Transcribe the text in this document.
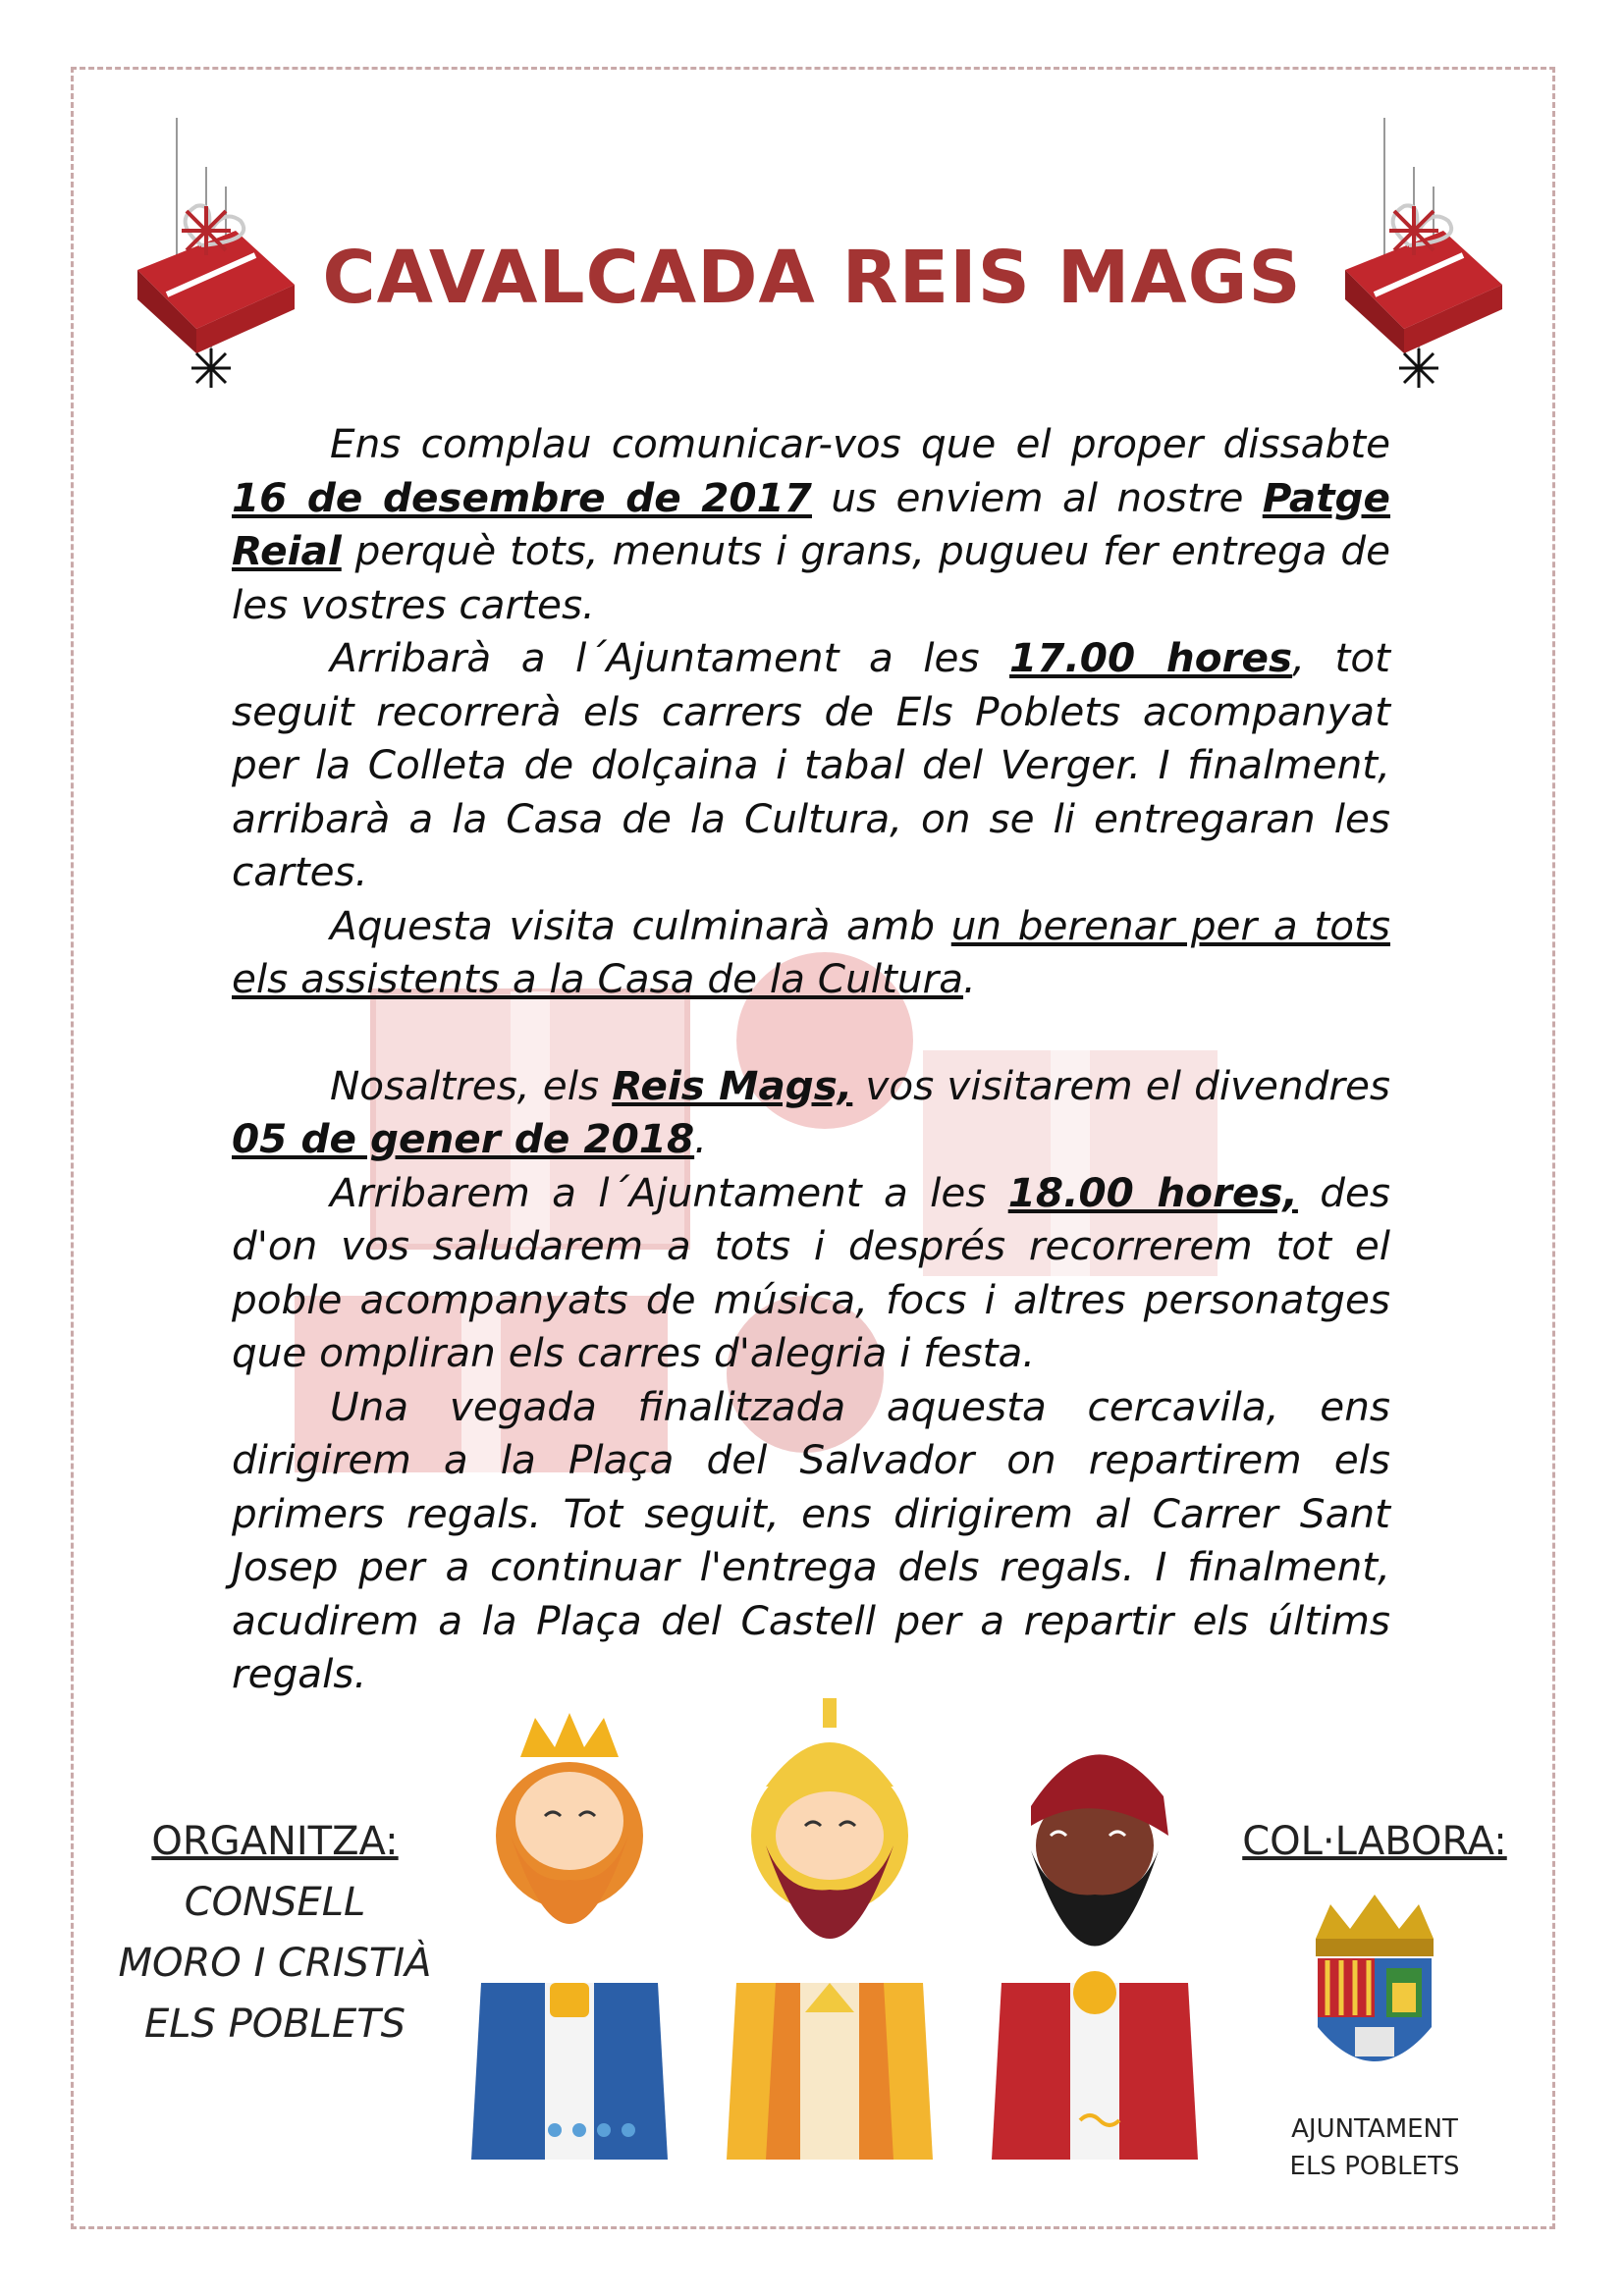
CAVALCADA REIS MAGS

Ens complau comunicar-vos que el proper dissabte 16 de desembre de 2017 us enviem al nostre Patge Reial perquè tots, menuts i grans, pugueu fer entrega de les vostres cartes.

Arribarà a l´Ajuntament a les 17.00 hores, tot seguit recorrerà els carrers de Els Poblets acompanyat per la Colleta de dolçaina i tabal del Verger. I finalment, arribarà a la Casa de la Cultura, on se li entregaran les cartes.

Aquesta visita culminarà amb un berenar per a tots els assistents a la Casa de la Cultura.

Nosaltres, els Reis Mags, vos visitarem el divendres 05 de gener de 2018.

Arribarem a l´Ajuntament a les 18.00 hores, des d'on vos saludarem a tots i després recorrerem tot el poble acompanyats de música, focs i altres personatges que ompliran els carres d'alegria i festa.

Una vegada finalitzada aquesta cercavila, ens dirigirem a la Plaça del Salvador on repartirem els primers regals. Tot seguit, ens dirigirem al Carrer Sant Josep per a continuar l'entrega dels regals. I finalment, acudirem a la Plaça del Castell per a repartir els últims regals.

ORGANITZA:
CONSELL
MORO I CRISTIÀ
ELS POBLETS
COL·LABORA:
AJUNTAMENT
ELS POBLETS
